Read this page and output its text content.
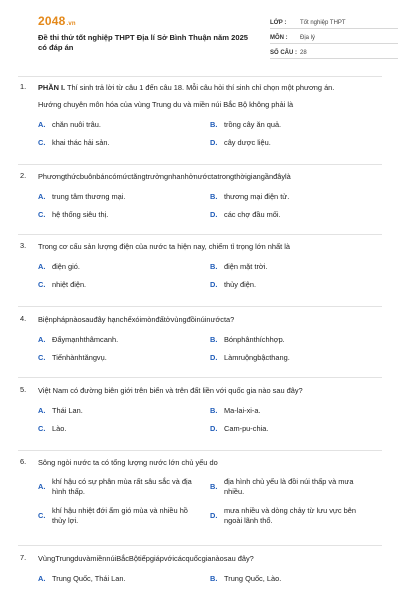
2048.vn
Đề thi thử tốt nghiệp THPT Địa lí Sở Bình Thuận năm 2025 có đáp án
LỚP :	Tốt nghiệp THPT
MÔN :	Địa lý
SỐ CÂU : 28
1.	PHẦN I. Thí sinh trả lời từ câu 1 đến câu 18. Mỗi câu hỏi thí sinh chỉ chọn một phương án.
Hướng chuyên môn hóa của vùng Trung du và miền núi Bắc Bộ không phải là
A. chăn nuôi trâu.	B. trồng cây ăn quả.
C. khai thác hải sản.	D. cây dược liệu.
2.	Phươngthứcbuônbáncómứctăngtrưởngnhanhởnướctatrongthờigiangầnđâylà
A. trung tâm thương mại.	B. thương mại điện tử.
C. hệ thống siêu thị.	D. các chợ đầu mối.
3.	Trong cơ cấu sản lượng điện của nước ta hiện nay, chiếm tỉ trọng lớn nhất là
A. điện gió.	B. điện mặt trời.
C. nhiệt điện.	D. thủy điện.
4.	Biệnphápnàosauđây hạnchếxóimònđấtởvùngđồinúinướcta?
A. Đẩymạnhthâmcanh.	B. Bónphânthíchhợp.
C. Tiếnhànhtăngvụ.	D. Làmruộngbậcthang.
5.	Việt Nam có đường biên giới trên biển và trên đất liền với quốc gia nào sau đây?
A. Thái Lan.	B. Ma-lai-xi-a.
C. Lào.	D. Cam-pu-chia.
6.	Sông ngòi nước ta có tổng lượng nước lớn chủ yếu do
A.
khí hậu có sự phân mùa rất sâu sắc và địa hình thấp.
B.
địa hình chủ yếu là đồi núi thấp và mưa nhiều.
C.
khí hậu nhiệt đới ẩm gió mùa và nhiều hồ thủy lợi.
D.
mưa nhiều và dòng chảy từ lưu vực bên ngoài lãnh thổ.
7.	VùngTrungduvàmiềnnúiBắcBộtiếpgiápvớicácquốcgianàosau đây?
A. Trung Quốc, Thái Lan.	B. Trung Quốc, Lào.
